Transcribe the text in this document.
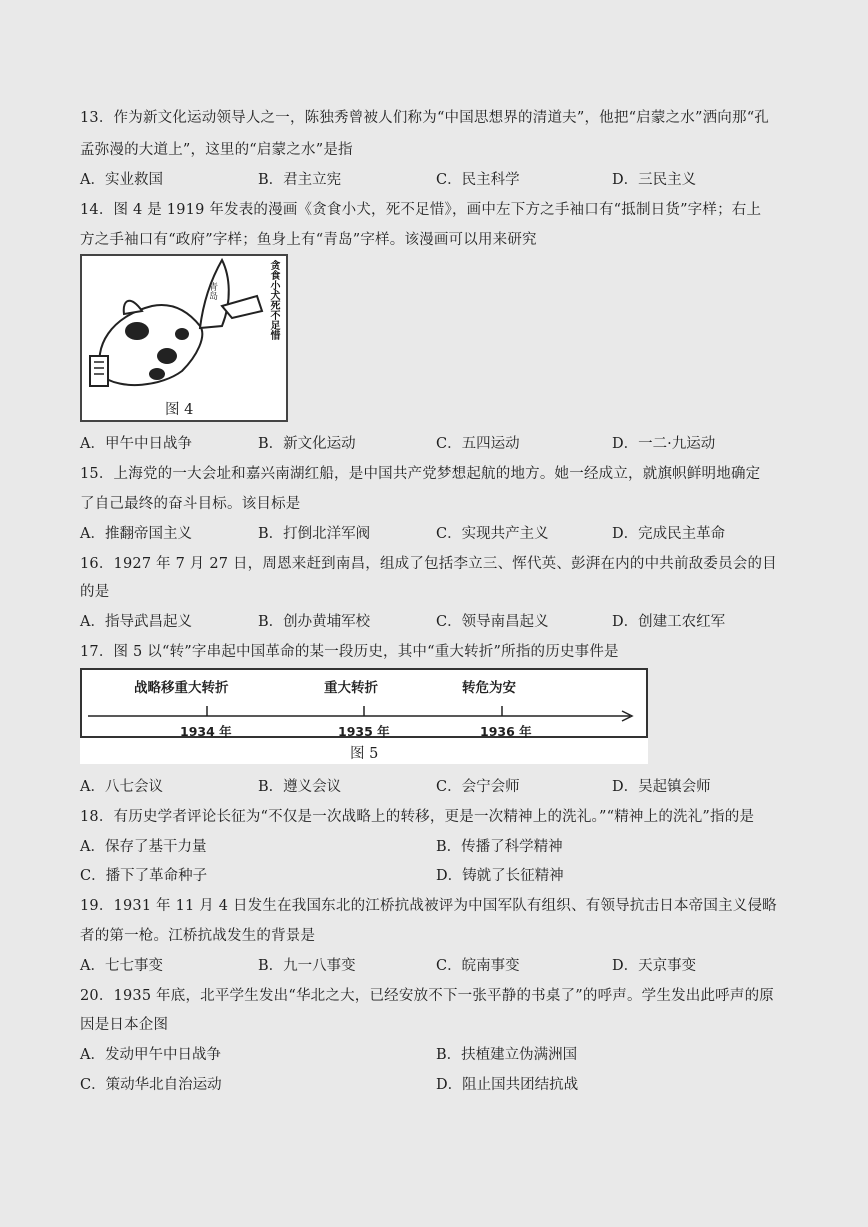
13．作为新文化运动领导人之一，陈独秀曾被人们称为“中国思想界的清道夫”，他把“启蒙之水”洒向那“孔
孟弥漫的大道上”，这里的“启蒙之水”是指
A．实业救国	B．君主立宪	C．民主科学	D．三民主义
14．图 4 是 1919 年发表的漫画《贪食小犬，死不足惜》，画中左下方之手袖口有“抵制日货”字样；右上
方之手袖口有“政府”字样；鱼身上有“青岛”字样。该漫画可以用来研究
青岛	贪食小犬死不足惜
图 4
A．甲午中日战争	B．新文化运动	C．五四运动	D．一二·九运动
15．上海党的一大会址和嘉兴南湖红船，是中国共产党梦想起航的地方。她一经成立，就旗帜鲜明地确定
了自己最终的奋斗目标。该目标是
A．推翻帝国主义	B．打倒北洋军阀	C．实现共产主义	D．完成民主革命
16．1927 年 7 月 27 日，周恩来赶到南昌，组成了包括李立三、恽代英、彭湃在内的中共前敌委员会的目
的是
A．指导武昌起义	B．创办黄埔军校	C．领导南昌起义	D．创建工农红军
17．图 5 以“转”字串起中国革命的某一段历史，其中“重大转折”所指的历史事件是
战略移重大转折	重大转折	转危为安
1934 年	1935 年	1936 年
图 5
A．八七会议	B．遵义会议	C．会宁会师	D．吴起镇会师
18．有历史学者评论长征为“不仅是一次战略上的转移，更是一次精神上的洗礼。”“精神上的洗礼”指的是
A．保存了基干力量	B．传播了科学精神
C．播下了革命种子	D．铸就了长征精神
19．1931 年 11 月 4 日发生在我国东北的江桥抗战被评为中国军队有组织、有领导抗击日本帝国主义侵略
者的第一枪。江桥抗战发生的背景是
A．七七事变	B．九一八事变	C．皖南事变	D．天京事变
20．1935 年底，北平学生发出“华北之大，已经安放不下一张平静的书桌了”的呼声。学生发出此呼声的原
因是日本企图
A．发动甲午中日战争	B．扶植建立伪满洲国
C．策动华北自治运动	D．阻止国共团结抗战
